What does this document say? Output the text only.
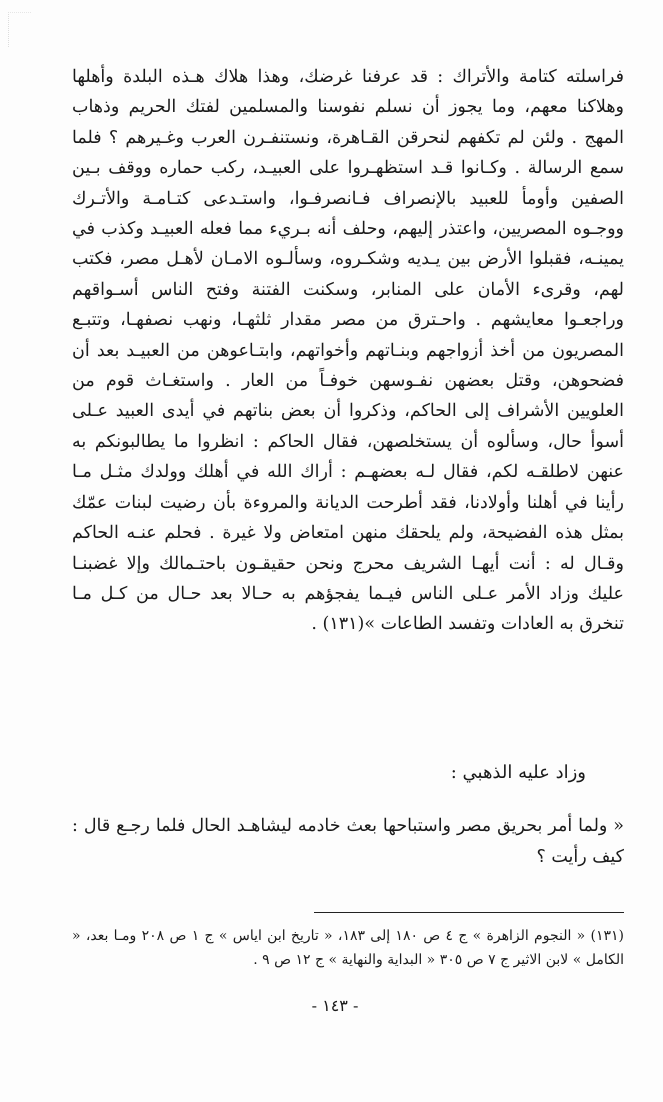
فراسلته كتامة والأتراك : قد عرفنا غرضك، وهذا هلاك هـذه البلدة وأهلها وهلاكنا معهم، وما يجوز أن نسلم نفوسنا والمسلمين لفتك الحريم وذهاب المهج . ولئن لم تكفهم لنحرقن القـاهرة، ونستنفـرن العرب وغـيرهم ؟ فلما سمع الرسالة . وكـانوا قـد استظهـروا على العبيـد، ركب حماره ووقف بـين الصفين وأومأ للعبيد بالإنصراف فـانصرفـوا، واستـدعى كتـامـة والأتـرك ووجـوه المصريين، واعتذر إليهم، وحلف أنه بـريء مما فعله العبيـد وكذب في يمينـه، فقبلوا الأرض بين يـديه وشكـروه، وسألـوه الامـان لأهـل مصر، فكتب لهم، وقرىء الأمان على المنابر، وسكنت الفتنة وفتح الناس أسـواقهم وراجعـوا معايشهم . واحـترق من مصر مقدار ثلثهـا، ونهب نصفهـا، وتتبـع المصريون من أخذ أزواجهم وبنـاتهم وأخواتهم، وابتـاعوهن من العبيـد بعد أن فضحوهن، وقتل بعضهن نفـوسهن خوفـاً من العار . واستغـاث قوم من العلويين الأشراف إلى الحاكم، وذكروا أن بعض بناتهم في أيدى العبيد عـلى أسوأ حال، وسألوه أن يستخلصهن، فقال الحاكم : انظروا ما يطالبونكم به عنهن لاطلقـه لكم، فقال لـه بعضهـم : أراك الله في أهلك وولدك مثـل مـا رأينا في أهلنا وأولادنا، فقد أطرحت الديانة والمروءة بأن رضيت لبنات عمّك بمثل هذه الفضيحة، ولم يلحقك منهن امتعاض ولا غيرة . فحلم عنـه الحاكم وقـال له : أنت أيهـا الشريف محرج ونحن حقيقـون باحتـمالك وإلا غضبنـا عليك وزاد الأمر عـلى الناس فيـما يفجؤهم به حـالا بعد حـال من كـل مـا تنخرق به العادات وتفسد الطاعات »(١٣١) .

وزاد عليه الذهبي :

« ولما أمر بحريق مصر واستباحها بعث خادمه ليشاهـد الحال فلما رجـع قال : كيف رأيت ؟

(١٣١) « النجوم الزاهرة » ج ٤ ص ١٨٠ إلى ١٨٣، « تاريخ ابن اياس » ج ١ ص ٢٠٨ ومـا بعد، « الكامل » لابن الاثير ج ٧ ص ٣٠٥ « البداية والنهاية » ج ١٢ ص ٩ .

- ١٤٣ -
